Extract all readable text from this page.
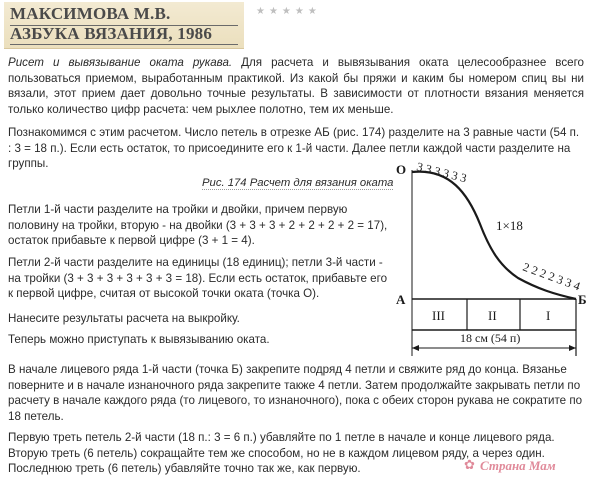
МАКСИМОВА М.В.
АЗБУКА ВЯЗАНИЯ, 1986
★★★★★

Рисет и вывязывание оката рукава. Для расчета и вывязывания оката целесообразнее всего пользоваться приемом, выработанным практикой. Из какой бы пряжи и каким бы номером спиц вы ни вязали, этот прием дает довольно точные результаты. В зависимости от плотности вязания меняется только количество цифр расчета: чем рыхлее полотно, тем их меньше.

Познакомимся с этим расчетом. Число петель в отрезке АБ (рис. 174) разделите на 3 равные части (54 п. : 3 = 18 п.). Если есть остаток, то присоедините его к 1-й части. Далее петли каждой части разделите на группы.

Рис. 174 Расчет для вязания оката

Петли 1-й части разделите на тройки и двойки, причем первую половину на тройки, вторую - на двойки (3 + 3 + 3 + 2 + 2 + 2 + 2 = 17), остаток прибавьте к первой цифре (3 + 1 = 4).

Петли 2-й части разделите на единицы (18 единиц); петли 3-й части - на тройки (3 + 3 + 3 + 3 + 3 + 3 = 18). Если есть остаток, прибавьте его к первой цифре, считая от высокой точки оката (точка О).

Нанесите результаты расчета на выкройку.

Теперь можно приступать к вывязыванию оката.

В начале лицевого ряда 1-й части (точка Б) закрепите подряд 4 петли и свяжите ряд до конца. Вязанье поверните и в начале изнаночного ряда закрепите также 4 петли. Затем продолжайте закрывать петли по расчету в начале каждого ряда (то лицевого, то изнаночного), пока с обеих сторон рукава не сократите по 18 петель.

Первую треть петель 2-й части (18 п.: 3 = 6 п.) убавляйте по 1 петле в начале и конце лицевого ряда. Вторую треть (6 петель) сокращайте тем же способом, но не в каждом лицевом ряду, а через один. Последнюю треть (6 петель) убавляйте точно так же, как первую.

О
А	Б
3 3 3 3 3 3
1×18
2 2 2 2 3 3 4
III	II	I
18 см (54 п)
✿ Страна Мам
